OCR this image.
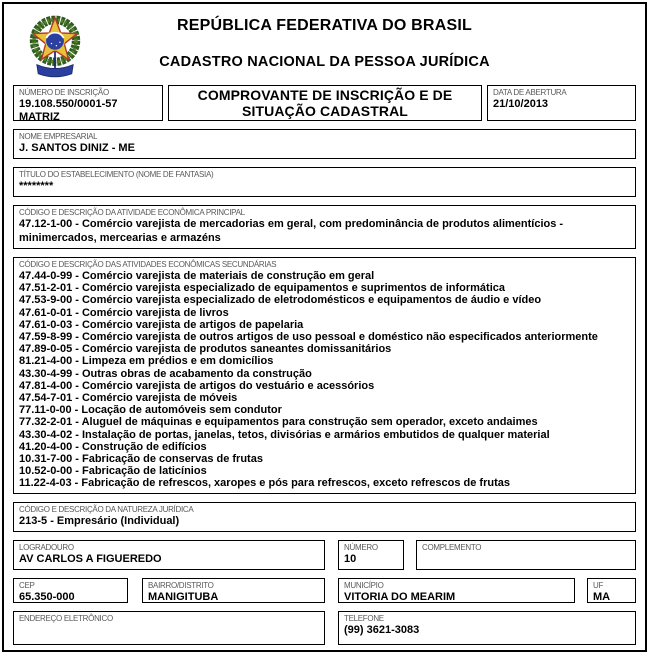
REPÚBLICA FEDERATIVA DO BRASIL
CADASTRO NACIONAL DA PESSOA JURÍDICA
NÚMERO DE INSCRIÇÃO
19.108.550/0001-57
MATRIZ
COMPROVANTE DE INSCRIÇÃO E DE
SITUAÇÃO CADASTRAL
DATA DE ABERTURA
21/10/2013
NOME EMPRESARIAL
J. SANTOS DINIZ - ME
TÍTULO DO ESTABELECIMENTO (NOME DE FANTASIA)
********
CÓDIGO E DESCRIÇÃO DA ATIVIDADE ECONÔMICA PRINCIPAL
47.12-1-00 - Comércio varejista de mercadorias em geral, com predominância de produtos alimentícios - minimercados, mercearias e armazéns
CÓDIGO E DESCRIÇÃO DAS ATIVIDADES ECONÔMICAS SECUNDÁRIAS
47.44-0-99 - Comércio varejista de materiais de construção em geral
47.51-2-01 - Comércio varejista especializado de equipamentos e suprimentos de informática
47.53-9-00 - Comércio varejista especializado de eletrodomésticos e equipamentos de áudio e vídeo
47.61-0-01 - Comércio varejista de livros
47.61-0-03 - Comércio varejista de artigos de papelaria
47.59-8-99 - Comércio varejista de outros artigos de uso pessoal e doméstico não especificados anteriormente
47.89-0-05 - Comércio varejista de produtos saneantes domissanitários
81.21-4-00 - Limpeza em prédios e em domicílios
43.30-4-99 - Outras obras de acabamento da construção
47.81-4-00 - Comércio varejista de artigos do vestuário e acessórios
47.54-7-01 - Comércio varejista de móveis
77.11-0-00 - Locação de automóveis sem condutor
77.32-2-01 - Aluguel de máquinas e equipamentos para construção sem operador, exceto andaimes
43.30-4-02 - Instalação de portas, janelas, tetos, divisórias e armários embutidos de qualquer material
41.20-4-00 - Construção de edifícios
10.31-7-00 - Fabricação de conservas de frutas
10.52-0-00 - Fabricação de laticínios
11.22-4-03 - Fabricação de refrescos, xaropes e pós para refrescos, exceto refrescos de frutas
CÓDIGO E DESCRIÇÃO DA NATUREZA JURÍDICA
213-5 - Empresário (Individual)
LOGRADOURO
AV CARLOS A FIGUEREDO
NÚMERO
10
COMPLEMENTO
CEP
65.350-000
BAIRRO/DISTRITO
MANIGITUBA
MUNICÍPIO
VITORIA DO MEARIM
UF
MA
ENDEREÇO ELETRÔNICO	TELEFONE
(99) 3621-3083
